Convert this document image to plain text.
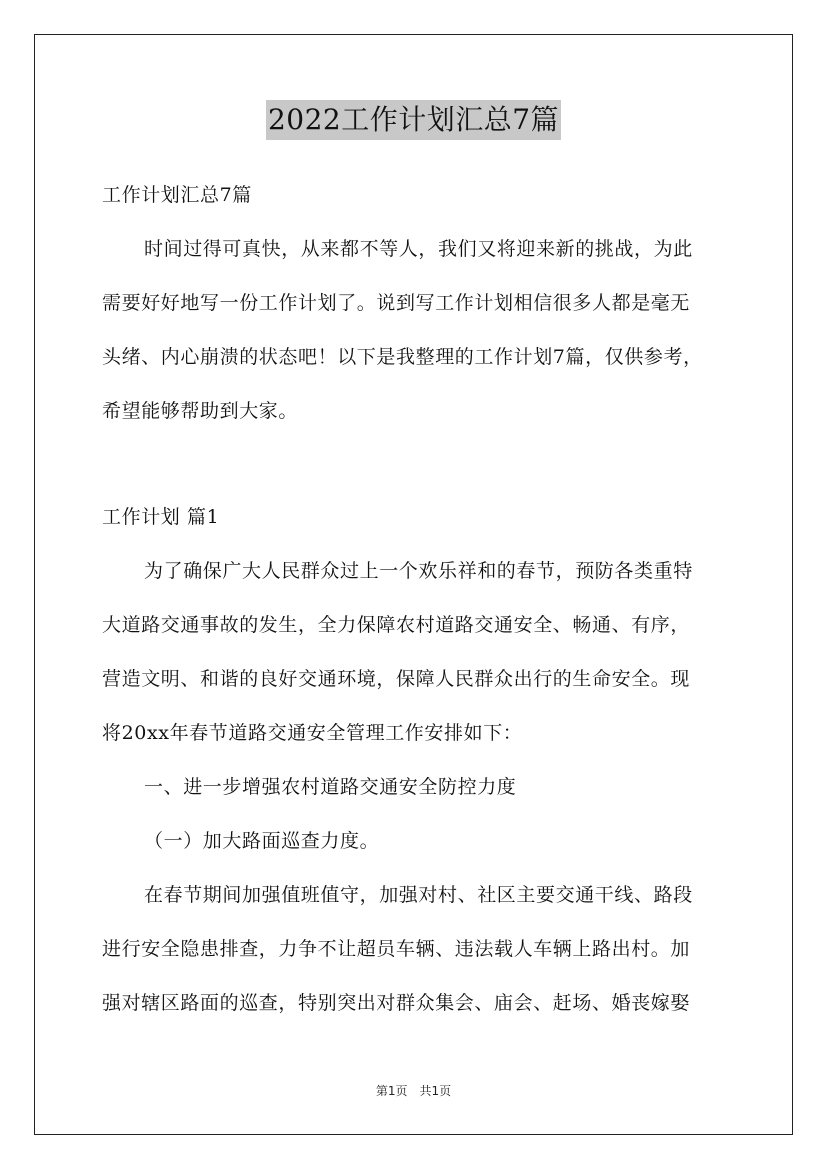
2022工作计划汇总7篇
工作计划汇总7篇
时间过得可真快，从来都不等人，我们又将迎来新的挑战，为此
需要好好地写一份工作计划了。说到写工作计划相信很多人都是毫无
头绪、内心崩溃的状态吧！以下是我整理的工作计划7篇，仅供参考，
希望能够帮助到大家。
工作计划 篇1
为了确保广大人民群众过上一个欢乐祥和的春节，预防各类重特
大道路交通事故的发生，全力保障农村道路交通安全、畅通、有序，
营造文明、和谐的良好交通环境，保障人民群众出行的生命安全。现
将20xx年春节道路交通安全管理工作安排如下：
一、进一步增强农村道路交通安全防控力度
（一）加大路面巡查力度。
在春节期间加强值班值守，加强对村、社区主要交通干线、路段
进行安全隐患排查，力争不让超员车辆、违法载人车辆上路出村。加
强对辖区路面的巡查，特别突出对群众集会、庙会、赶场、婚丧嫁娶
第1页 共1页
